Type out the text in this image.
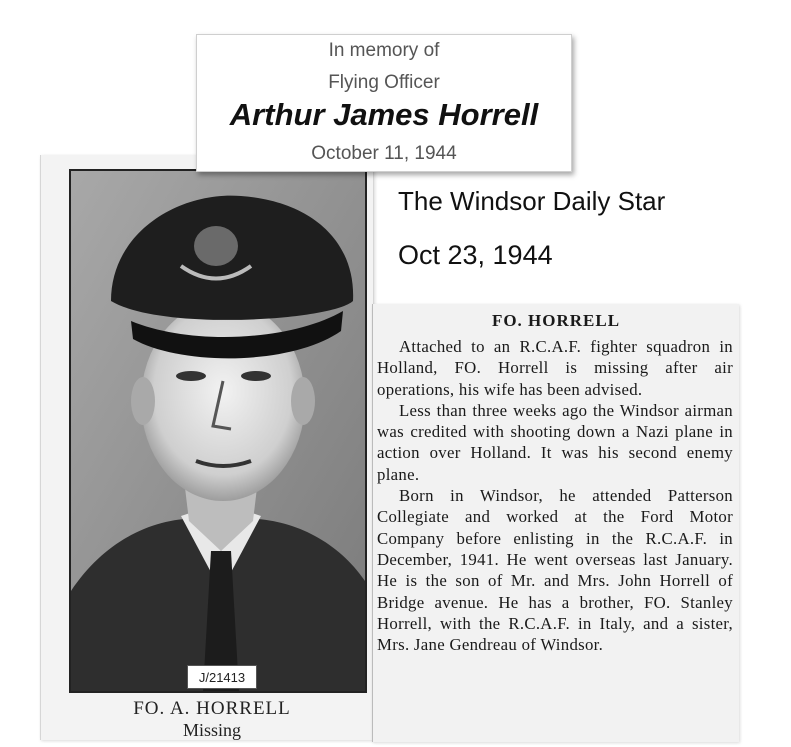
J/21413
FO. A. HORRELL
Missing
In memory of
Flying Officer
Arthur James Horrell
October 11, 1944
The Windsor Daily Star
Oct 23, 1944
FO. HORRELL

Attached to an R.C.A.F. fighter squadron in Holland, FO. Horrell is missing after air operations, his wife has been advised.

Less than three weeks ago the Windsor airman was credited with shooting down a Nazi plane in action over Holland. It was his second enemy plane.

Born in Windsor, he attended Patterson Collegiate and worked at the Ford Motor Company before enlisting in the R.C.A.F. in December, 1941. He went overseas last January. He is the son of Mr. and Mrs. John Horrell of Bridge avenue. He has a brother, FO. Stanley Horrell, with the R.C.A.F. in Italy, and a sister, Mrs. Jane Gendreau of Windsor.
